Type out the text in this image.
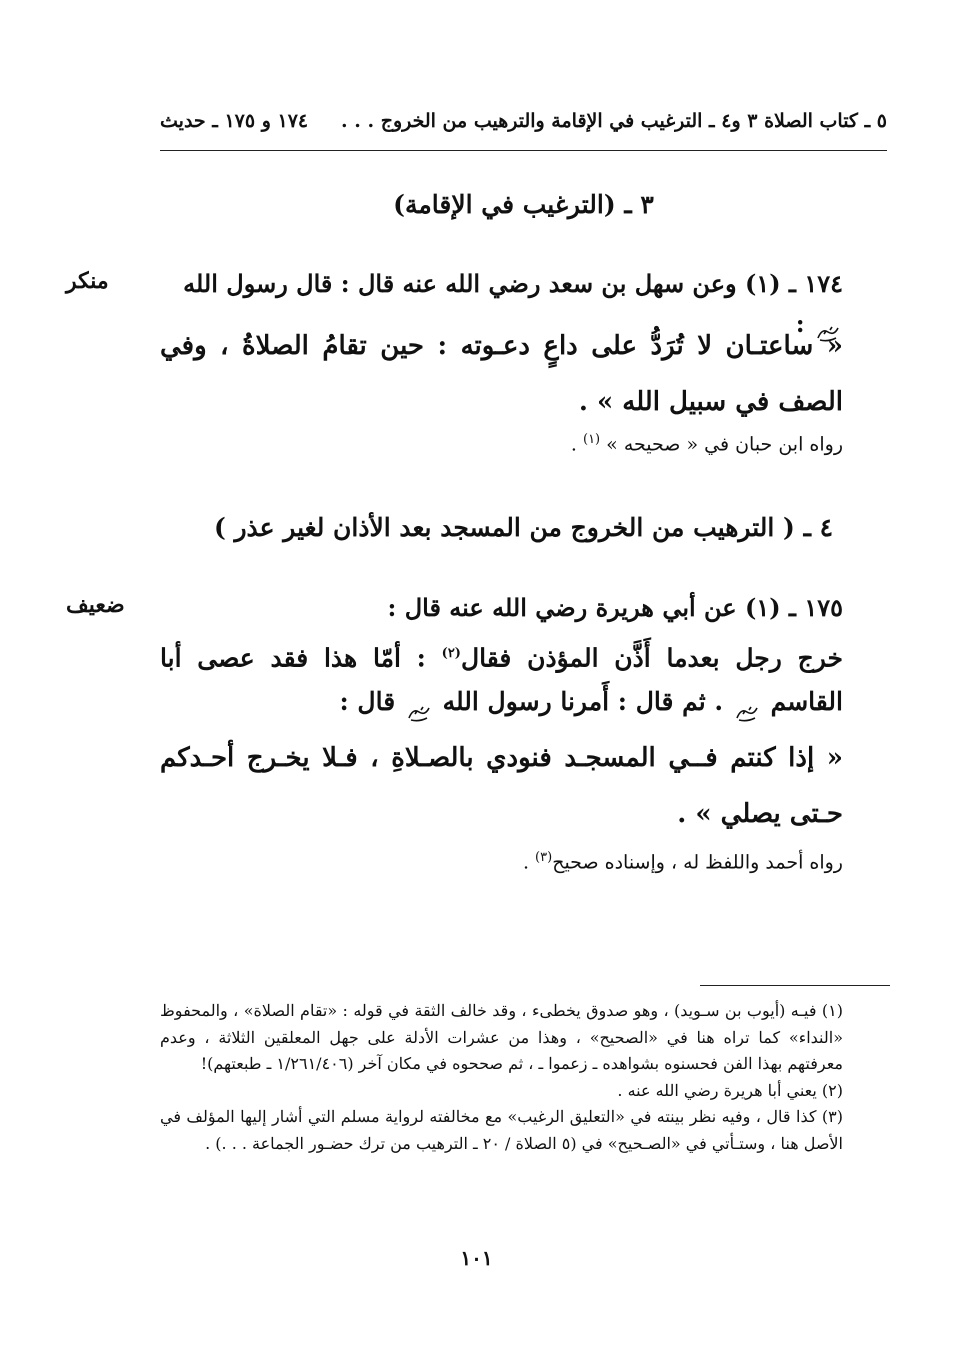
١٧٤ و ١٧٥ ـ حديث ٥ ـ كتاب الصلاة ٣ و٤ ـ الترغيب في الإقامة والترهيب من الخروج . . .
٣ ـ (الترغيب في الإقامة)
منكر	١٧٤ ـ (١) وعن سهل بن سعد رضي الله عنه قال : قال رسول الله  :
« ساعتـان لا تُرَدُّ على داعٍ دعـوته : حين تقامُ الصلاةُ ، وفي الصف في سبيل الله » .
رواه ابن حبان في « صحيحه » $^{(١)}$ .
٤ ـ ( الترهيب من الخروج من المسجد بعد الأذان لغير عذر )
ضعيف	١٧٥ ـ (١) عن أبي هريرة رضي الله عنه قال :
خرج رجل بعدما أَذَّن المؤذن فقال$^{(٢)}$ : أمّا هذا فقد عصى أبا القاسم  . ثم قال : أَمرنا رسول الله  قال :
« إذا كنتم فــي المسجـد فنودي بالصـلاةِ ، فـلا يخـرج أحـدكم حـتى يصلي » .
رواه أحمد واللفظ له ، وإسناده صحيح$^{(٣)}$ .

(١) فيـه (أيوب بن سـويد) ، وهو صدوق يخطىء ، وقد خالف الثقة في قوله : «تقام الصلاة» ، والمحفوظ «النداء» كما تراه هنا في «الصحيح» ، وهذا من عشرات الأدلة على جهل المعلقين الثلاثة ، وعدم معرفتهم بهذا الفن فحسنوه بشواهده ـ زعموا ـ ، ثم صححوه في مكان آخر (١/٢٦١/٤٠٦ ـ طبعتهم)!

(٢) يعني أبا هريرة رضي الله عنه .

(٣) كذا قال ، وفيه نظر بينته في «التعليق الرغيب» مع مخالفته لرواية مسلم التي أشار إليها المؤلف في الأصل هنا ، وستـأتي في «الصـحيح» في (٥ الصلاة / ٢٠ ـ الترهيب من ترك حضـور الجماعة . . .) .

١٠١
